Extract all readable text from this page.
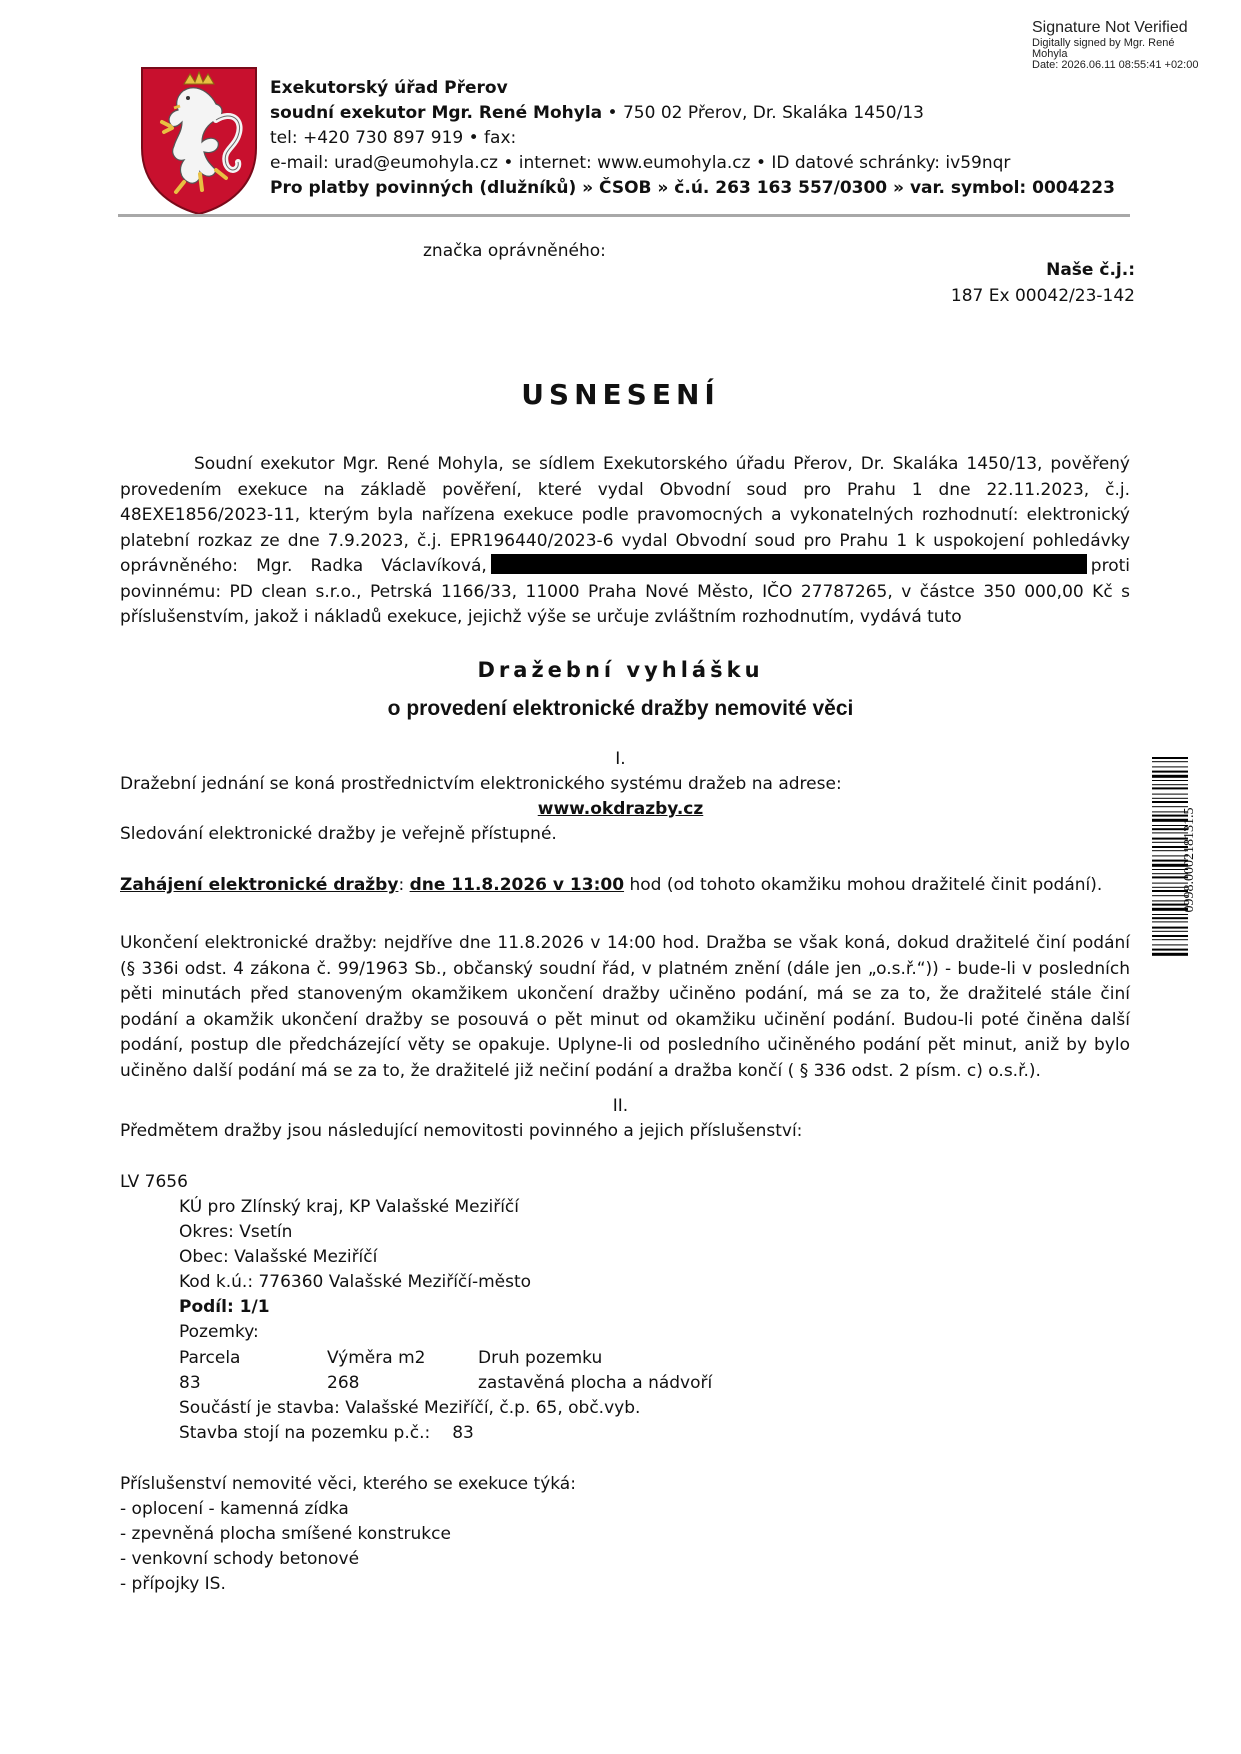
Signature Not Verified
Digitally signed by Mgr. René
Mohyla
Date: 2026.06.11 08:55:41 +02:00
Exekutorský úřad Přerov
soudní exekutor Mgr. René Mohyla • 750 02 Přerov, Dr. Skaláka 1450/13
tel: +420 730 897 919 • fax:
e-mail: urad@eumohyla.cz • internet: www.eumohyla.cz • ID datové schránky: iv59nqr
Pro platby povinných (dlužníků) » ČSOB » č.ú. 263 163 557/0300 » var. symbol: 0004223
značka oprávněného:
Naše č.j.:
187 Ex 00042/23-142
USNESENÍ
Soudní exekutor Mgr. René Mohyla, se sídlem Exekutorského úřadu Přerov, Dr. Skaláka 1450/13, pověřený provedením exekuce na základě pověření, které vydal Obvodní soud pro Prahu 1 dne 22.11.2023, č.j. 48EXE1856/2023-11, kterým byla nařízena exekuce podle pravomocných a vykonatelných rozhodnutí: elektronický platební rozkaz ze dne 7.9.2023, č.j. EPR196440/2023-6 vydal Obvodní soud pro Prahu 1 k uspokojení pohledávky oprávněného: Mgr. Radka Václavíková,	proti povinnému: PD clean s.r.o., Petrská 1166/33, 11000 Praha Nové Město, IČO 27787265, v částce 350 000,00 Kč s příslušenstvím, jakož i nákladů exekuce, jejichž výše se určuje zvláštním rozhodnutím, vydává tuto
Dražební vyhlášku
o provedení elektronické dražby nemovité věci
I.
Dražební jednání se koná prostřednictvím elektronického systému dražeb na adrese:
www.okdrazby.cz
Sledování elektronické dražby je veřejně přístupné.
Zahájení elektronické dražby: dne 11.8.2026 v 13:00 hod (od tohoto okamžiku mohou dražitelé činit podání).
Ukončení elektronické dražby: nejdříve dne 11.8.2026 v 14:00 hod. Dražba se však koná, dokud dražitelé činí podání (§ 336i odst. 4 zákona č. 99/1963 Sb., občanský soudní řád, v platném znění (dále jen „o.s.ř.“)) - bude-li v posledních pěti minutách před stanoveným okamžikem ukončení dražby učiněno podání, má se za to, že dražitelé stále činí podání a okamžik ukončení dražby se posouvá o pět minut od okamžiku učinění podání. Budou-li poté činěna další podání, postup dle předcházející věty se opakuje. Uplyne-li od posledního učiněného podání pět minut, aniž by bylo učiněno další podání má se za to, že dražitelé již nečiní podání a dražba končí ( § 336 odst. 2 písm. c) o.s.ř.).
II.
Předmětem dražby jsou následující nemovitosti povinného a jejich příslušenství:
LV 7656
KÚ pro Zlínský kraj, KP Valašské Meziříčí
Okres: Vsetín
Obec: Valašské Meziříčí
Kod k.ú.: 776360 Valašské Meziříčí-město
Podíl: 1/1
Pozemky:
Parcela	Výměra m2	Druh pozemku
83	268	zastavěná plocha a nádvoří
Součástí je stavba: Valašské Meziříčí, č.p. 65, obč.vyb.
Stavba stojí na pozemku p.č.: 83
Příslušenství nemovité věci, kterého se exekuce týká:
- oplocení - kamenná zídka
- zpevněná plocha smíšené konstrukce
- venkovní schody betonové
- přípojky IS.
0998.000218131.5
